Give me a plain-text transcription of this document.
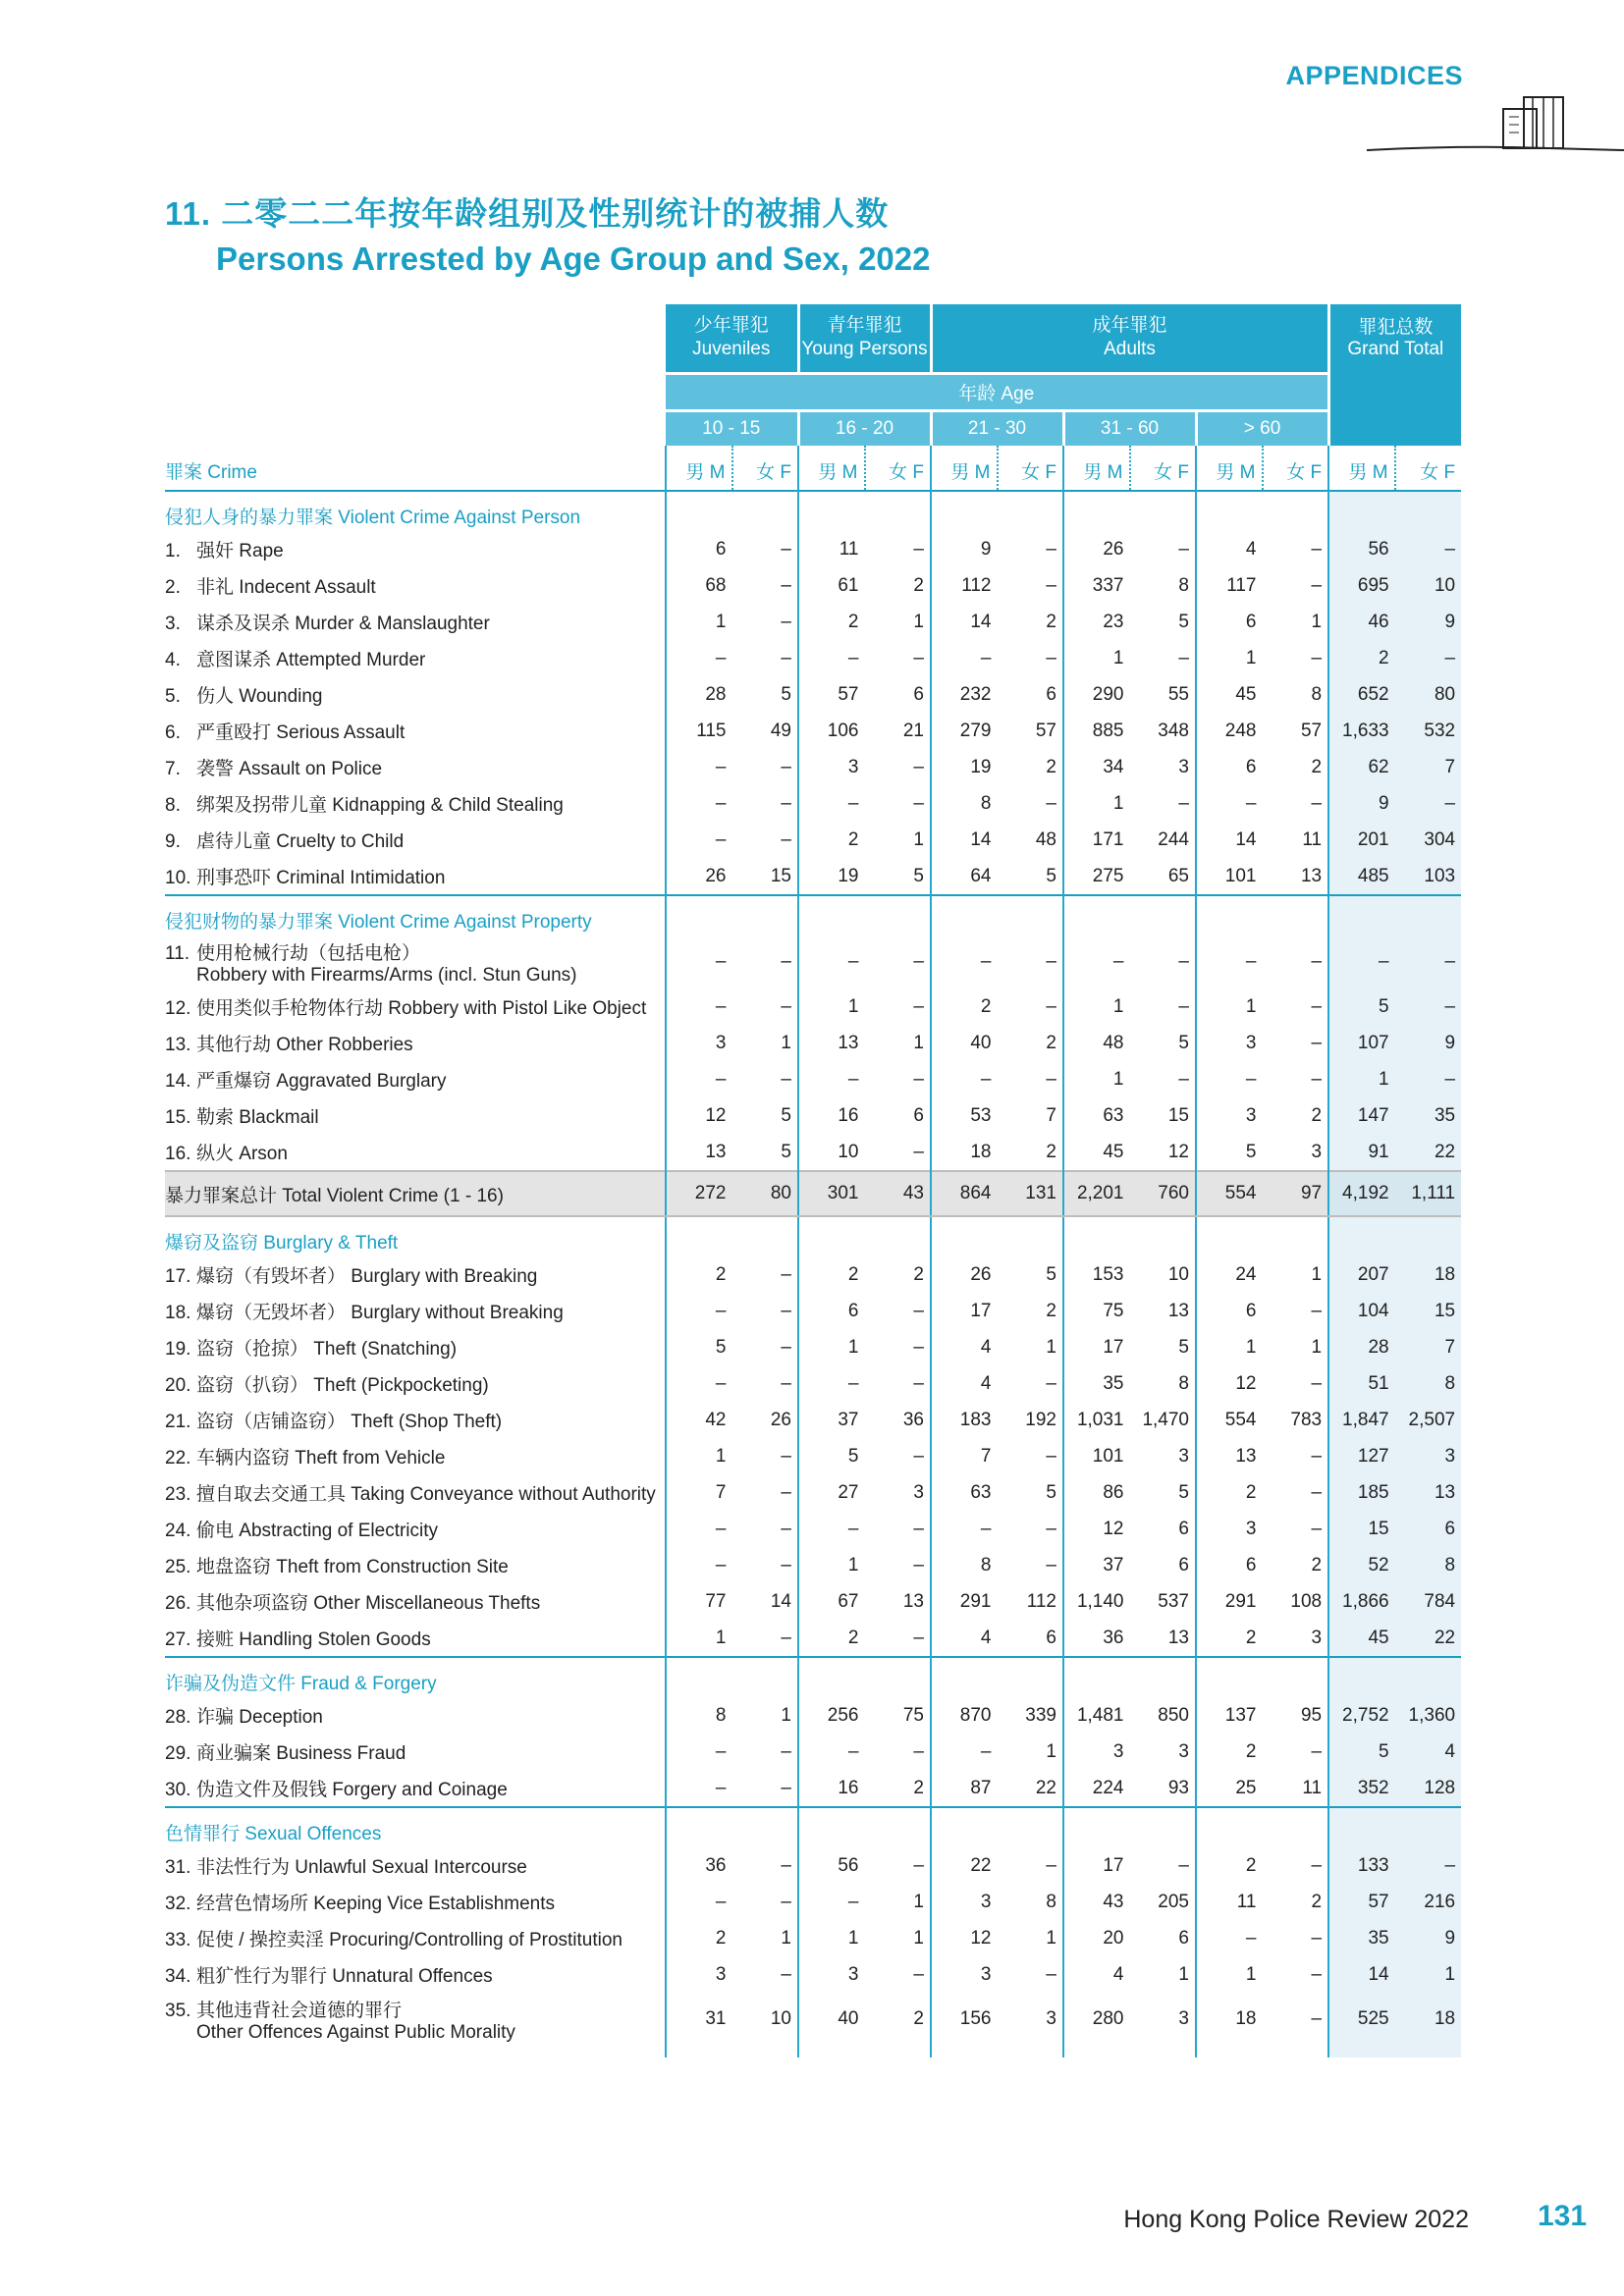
APPENDICES
11. 二零二二年按年龄组别及性别统计的被捕人数
Persons Arrested by Age Group and Sex, 2022
	少年罪犯
Juveniles		青年罪犯
Young Persons		成年罪犯
Adults						罪犯总数
Grand Total	
	年龄 Age											
	10 - 15		16 - 20		21 - 30		31 - 60		> 60			
罪案 Crime	男 M	女 F	男 M	女 F	男 M	女 F	男 M	女 F	男 M	女 F	男 M	女 F

侵犯人身的暴力罪案 Violent Crime Against Person												
1. 强奸 Rape	6	–	11	–	9	–	26	–	4	–	56	–
2. 非礼 Indecent Assault	68	–	61	2	112	–	337	8	117	–	695	10
3. 谋杀及误杀 Murder & Manslaughter	1	–	2	1	14	2	23	5	6	1	46	9
4. 意图谋杀 Attempted Murder	–	–	–	–	–	–	1	–	1	–	2	–
5. 伤人 Wounding	28	5	57	6	232	6	290	55	45	8	652	80
6. 严重殴打 Serious Assault	115	49	106	21	279	57	885	348	248	57	1,633	532
7. 袭警 Assault on Police	–	–	3	–	19	2	34	3	6	2	62	7
8. 绑架及拐带儿童 Kidnapping & Child Stealing	–	–	–	–	8	–	1	–	–	–	9	–
9. 虐待儿童 Cruelty to Child	–	–	2	1	14	48	171	244	14	11	201	304
10. 刑事恐吓 Criminal Intimidation	26	15	19	5	64	5	275	65	101	13	485	103

侵犯财物的暴力罪案 Violent Crime Against Property												
11. 使用枪械行劫（包括电枪）
Robbery with Firearms/Arms (incl. Stun Guns)	–	–	–	–	–	–	–	–	–	–	–	–
12. 使用类似手枪物体行劫 Robbery with Pistol Like Object	–	–	1	–	2	–	1	–	1	–	5	–
13. 其他行劫 Other Robberies	3	1	13	1	40	2	48	5	3	–	107	9
14. 严重爆窃 Aggravated Burglary	–	–	–	–	–	–	1	–	–	–	1	–
15. 勒索 Blackmail	12	5	16	6	53	7	63	15	3	2	147	35
16. 纵火 Arson	13	5	10	–	18	2	45	12	5	3	91	22
暴力罪案总计 Total Violent Crime (1 - 16)	272	80	301	43	864	131	2,201	760	554	97	4,192	1,111

爆窃及盗窃 Burglary & Theft												
17. 爆窃（有毁坏者） Burglary with Breaking	2	–	2	2	26	5	153	10	24	1	207	18
18. 爆窃（无毁坏者） Burglary without Breaking	–	–	6	–	17	2	75	13	6	–	104	15
19. 盗窃（抢掠） Theft (Snatching)	5	–	1	–	4	1	17	5	1	1	28	7
20. 盗窃（扒窃） Theft (Pickpocketing)	–	–	–	–	4	–	35	8	12	–	51	8
21. 盗窃（店铺盗窃） Theft (Shop Theft)	42	26	37	36	183	192	1,031	1,470	554	783	1,847	2,507
22. 车辆内盗窃 Theft from Vehicle	1	–	5	–	7	–	101	3	13	–	127	3
23. 擅自取去交通工具 Taking Conveyance without Authority	7	–	27	3	63	5	86	5	2	–	185	13
24. 偷电 Abstracting of Electricity	–	–	–	–	–	–	12	6	3	–	15	6
25. 地盘盗窃 Theft from Construction Site	–	–	1	–	8	–	37	6	6	2	52	8
26. 其他杂项盗窃 Other Miscellaneous Thefts	77	14	67	13	291	112	1,140	537	291	108	1,866	784
27. 接赃 Handling Stolen Goods	1	–	2	–	4	6	36	13	2	3	45	22

诈骗及伪造文件 Fraud & Forgery												
28. 诈骗 Deception	8	1	256	75	870	339	1,481	850	137	95	2,752	1,360
29. 商业骗案 Business Fraud	–	–	–	–	–	1	3	3	2	–	5	4
30. 伪造文件及假钱 Forgery and Coinage	–	–	16	2	87	22	224	93	25	11	352	128

色情罪行 Sexual Offences												
31. 非法性行为 Unlawful Sexual Intercourse	36	–	56	–	22	–	17	–	2	–	133	–
32. 经营色情场所 Keeping Vice Establishments	–	–	–	1	3	8	43	205	11	2	57	216
33. 促使 / 操控卖淫 Procuring/Controlling of Prostitution	2	1	1	1	12	1	20	6	–	–	35	9
34. 粗犷性行为罪行 Unnatural Offences	3	–	3	–	3	–	4	1	1	–	14	1
35. 其他违背社会道德的罪行
Other Offences Against Public Morality	31	10	40	2	156	3	280	3	18	–	525	18

Hong Kong Police Review 2022 131
